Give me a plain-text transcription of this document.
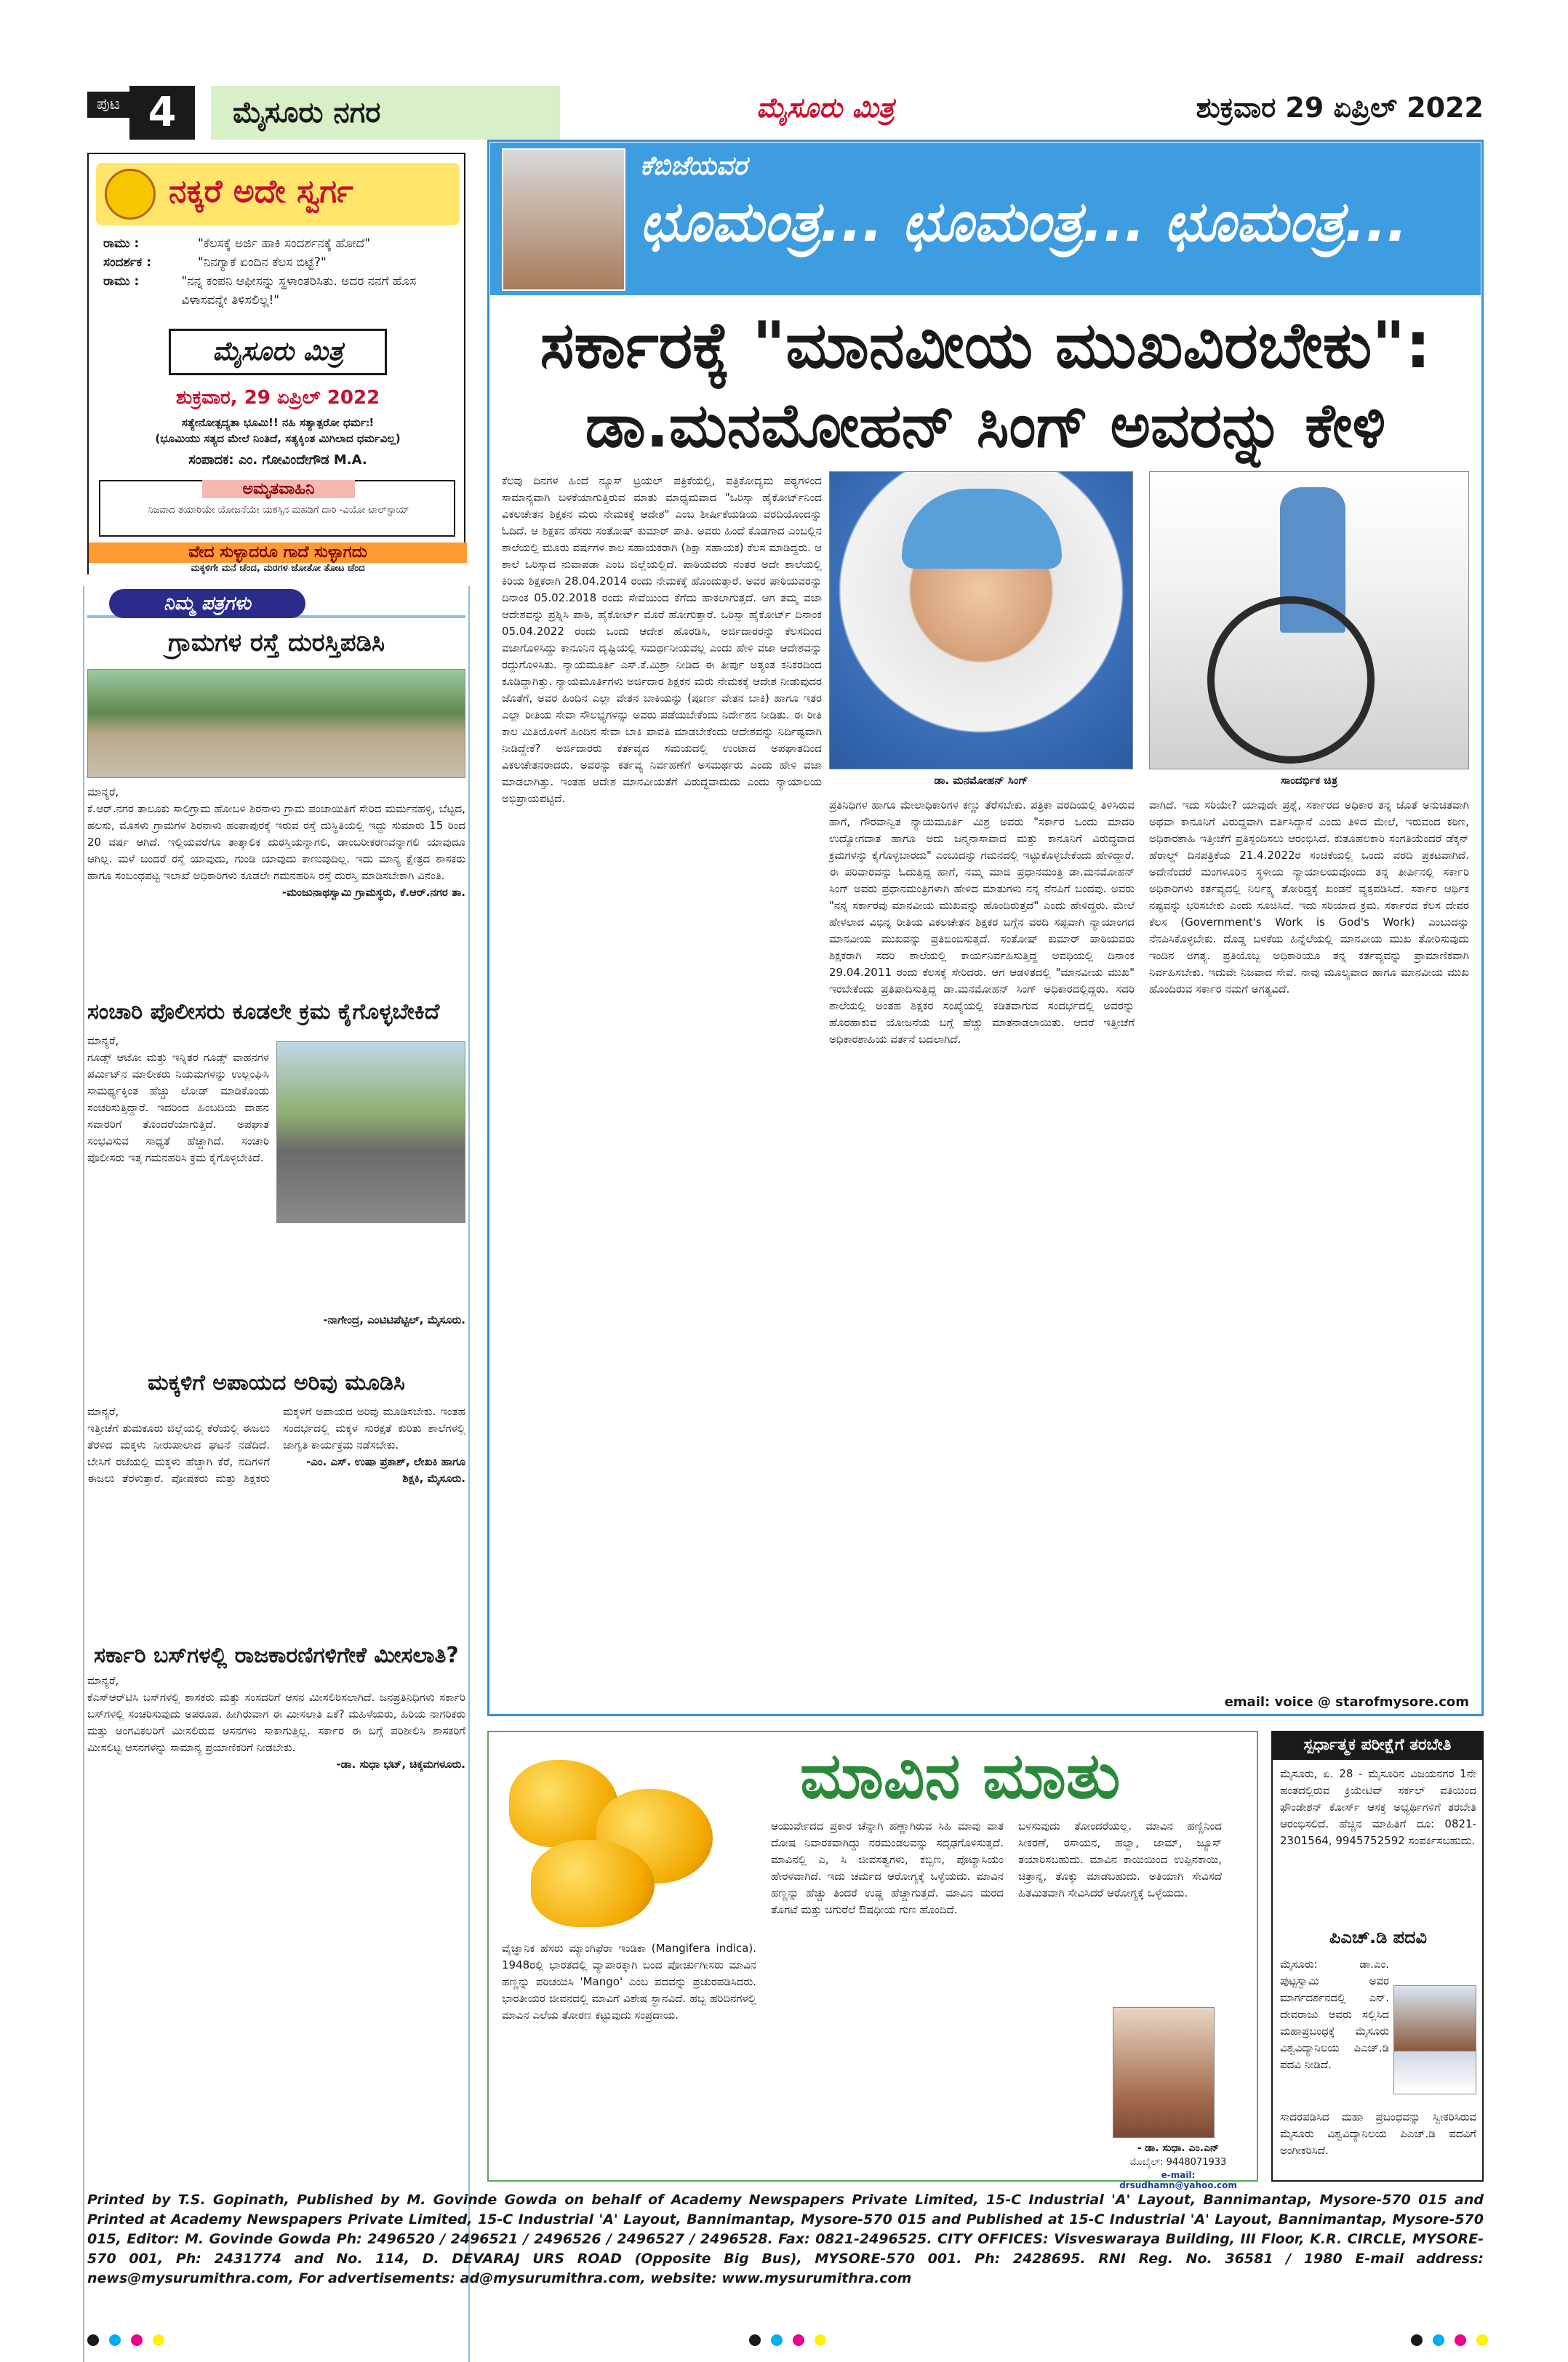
ಪುಟ 4	ಮೈಸೂರು ನಗರ	ಮೈಸೂರು ಮಿತ್ರ	ಶುಕ್ರವಾರ 29 ಏಪ್ರಿಲ್ 2022
ನಕ್ಕರೆ ಅದೇ ಸ್ವರ್ಗ
ರಾಮು :	"ಕೆಲಸಕ್ಕೆ ಅರ್ಜಿ ಹಾಕಿ ಸಂದರ್ಶನಕ್ಕೆ ಹೋದೆ"
ಸಂದರ್ಶಕ :	"ನಿನಗ್ಯಾಕೆ ಏಂದಿನ ಕೆಲಸ ಬಿಟ್ಟೆ?"
ರಾಮು :	"ನನ್ನ ಕಂಪನಿ ಆಫೀಸನ್ನು ಸ್ಥಳಾಂತರಿಸಿತು. ಅದರ ನನಗೆ ಹೊಸ ವಿಳಾಸವನ್ನೇ ತಿಳಿಸಲಿಲ್ಲ!"
ಮೈಸೂರು ಮಿತ್ರ
ಶುಕ್ರವಾರ, 29 ಏಪ್ರಿಲ್ 2022
ಸತ್ಯೇನೋತ್ಪದ್ಯತಾ ಭೂಮಿ!! ನಹಿ ಸತ್ಯಾತ್ಪರೋ ಧರ್ಮಃ!
(ಭೂಮಿಯು ಸತ್ಯದ ಮೇಲೆ ನಿಂತಿದೆ, ಸತ್ಯಕ್ಕಿಂತ ಮಿಗಿಲಾದ ಧರ್ಮವಿಲ್ಲ)
ಸಂಪಾದಕ: ಎಂ. ಗೋವಿಂದೇಗೌಡ M.A.
ಅಮೃತವಾಹಿನಿ
ನಿಜವಾದ ತಯಾರಿಯೇ ಯೋಜನೆಯೇ ಯಶಸ್ಸಿನ ಮಹಡಿಗೆ ದಾರಿ -ವಿಯೋ ಟಾಲ್‌ಸ್ಟಾಯ್
ವೇದ ಸುಳ್ಳಾದರೂ ಗಾದೆ ಸುಳ್ಳಾಗದು
ಮಕ್ಕಳಿಗೇ ಮನೆ ಚೆಂದ, ಮರಗಳ ಜೋತೋ ತೋಟ ಚೆಂದ
ನಿಮ್ಮ ಪತ್ರಗಳು
ಗ್ರಾಮಗಳ ರಸ್ತೆ ದುರಸ್ತಿಪಡಿಸಿ
ಮಾನ್ಯರೆ,
ಕೆ.ಆರ್.ನಗರ ತಾಲೂಕು ಸಾಲಿಗ್ರಾಮ ಹೋಬಳಿ ಶಿರನಾಳು ಗ್ರಾಮ ಪಂಚಾಯಿತಿಗೆ ಸೇರಿದ ಮರ್ಮನಹಳ್ಳಿ, ಬೆಟ್ಟದ, ಹಲಸು, ಮೊಸಳು ಗ್ರಾಮಗಳ ಶಿರನಾಳು ಹಂಪಾಪುರಕ್ಕೆ ಇರುವ ರಸ್ತೆ ದುಸ್ಥಿತಿಯಲ್ಲಿ ಇದ್ದು ಸುಮಾರು 15 ರಿಂದ 20 ವರ್ಷ ಆಗಿದೆ. ಇಲ್ಲಿಯವರೆಗೂ ತಾತ್ಕಾಲಿಕ ದುರಸ್ತಿಯನ್ನಾಗಲಿ, ಡಾಂಬರೀಕರಣವನ್ನಾಗಲಿ ಯಾವುದೂ ಆಗಿಲ್ಲ. ಮಳೆ ಬಂದರೆ ರಸ್ತೆ ಯಾವುದು, ಗುಂಡಿ ಯಾವುದು ಕಾಣುವುದಿಲ್ಲ. ಇದು ಮಾನ್ಯ ಕ್ಷೇತ್ರದ ಶಾಸಕರು ಹಾಗೂ ಸಂಬಂಧಪಟ್ಟ ಇಲಾಖೆ ಅಧಿಕಾರಿಗಳು ಕೂಡಲೇ ಗಮನಹರಿಸಿ ರಸ್ತೆ ದುರಸ್ತಿ ಮಾಡಿಸಬೇಕಾಗಿ ವಿನಂತಿ.
-ಮಂಜುನಾಥಸ್ವಾಮಿ ಗ್ರಾಮಸ್ಥರು, ಕೆ.ಆರ್.ನಗರ ತಾ.
ಸಂಚಾರಿ ಪೊಲೀಸರು ಕೂಡಲೇ ಕ್ರಮ ಕೈಗೊಳ್ಳಬೇಕಿದೆ
ಮಾನ್ಯರೆ,
ಗೂಡ್ಸ್ ಆಟೋ ಮತ್ತು ಇನ್ನಿತರ ಗೂಡ್ಸ್ ವಾಹನಗಳ ಪರ್ಮಿಟ್‌ನ ಮಾಲೀಕರು ನಿಯಮಗಳನ್ನು ಉಲ್ಲಂಘಿಸಿ ಸಾಮರ್ಥ್ಯಕ್ಕಿಂತ ಹೆಚ್ಚು ಲೋಡ್ ಮಾಡಿಕೊಂಡು ಸಂಚರಿಸುತ್ತಿದ್ದಾರೆ. ಇದರಿಂದ ಹಿಂಬದಿಯ ವಾಹನ ಸವಾರರಿಗೆ ತೊಂದರೆಯಾಗುತ್ತಿದೆ. ಅಪಘಾತ ಸಂಭವಿಸುವ ಸಾಧ್ಯತೆ ಹೆಚ್ಚಾಗಿದೆ. ಸಂಚಾರಿ ಪೊಲೀಸರು ಇತ್ತ ಗಮನಹರಿಸಿ ಕ್ರಮ ಕೈಗೊಳ್ಳಬೇಕಿದೆ.
-ನಾಗೇಂದ್ರ, ಎಂಟಿಟಿಪೆಟ್ಟಿಲ್, ಮೈಸೂರು.
ಮಕ್ಕಳಿಗೆ ಅಪಾಯದ ಅರಿವು ಮೂಡಿಸಿ
ಮಾನ್ಯರೆ,
ಇತ್ತೀಚೆಗೆ ತುಮಕೂರು ಜಿಲ್ಲೆಯಲ್ಲಿ ಕೆರೆಯಲ್ಲಿ ಈಜಲು ತೆರಳಿದ ಮಕ್ಕಳು ನೀರುಪಾಲಾದ ಘಟನೆ ನಡೆದಿದೆ. ಬೇಸಿಗೆ ರಜೆಯಲ್ಲಿ ಮಕ್ಕಳು ಹೆಚ್ಚಾಗಿ ಕೆರೆ, ನದಿಗಳಿಗೆ ಈಜಲು ತೆರಳುತ್ತಾರೆ. ಪೋಷಕರು ಮತ್ತು ಶಿಕ್ಷಕರು ಮಕ್ಕಳಿಗೆ ಅಪಾಯದ ಅರಿವು ಮೂಡಿಸಬೇಕು. ಇಂತಹ ಸಂದರ್ಭದಲ್ಲಿ ಮಕ್ಕಳ ಸುರಕ್ಷತೆ ಕುರಿತು ಶಾಲೆಗಳಲ್ಲಿ ಜಾಗೃತಿ ಕಾರ್ಯಕ್ರಮ ನಡೆಸಬೇಕು.
-ಎಂ. ಎಸ್. ಉಷಾ ಪ್ರಕಾಶ್, ಲೇಖಕಿ ಹಾಗೂ ಶಿಕ್ಷಕಿ, ಮೈಸೂರು.
ಸರ್ಕಾರಿ ಬಸ್‌ಗಳಲ್ಲಿ ರಾಜಕಾರಣಿಗಳಿಗೇಕೆ ಮೀಸಲಾತಿ?
ಮಾನ್ಯರೆ,
ಕೆಎಸ್‌ಆರ್‌ಟಿಸಿ ಬಸ್‌ಗಳಲ್ಲಿ ಶಾಸಕರು ಮತ್ತು ಸಂಸದರಿಗೆ ಆಸನ ಮೀಸಲಿರಿಸಲಾಗಿದೆ. ಜನಪ್ರತಿನಿಧಿಗಳು ಸರ್ಕಾರಿ ಬಸ್‌ಗಳಲ್ಲಿ ಸಂಚರಿಸುವುದು ಅಪರೂಪ. ಹೀಗಿರುವಾಗ ಈ ಮೀಸಲಾತಿ ಏಕೆ? ಮಹಿಳೆಯರು, ಹಿರಿಯ ನಾಗರಿಕರು ಮತ್ತು ಅಂಗವಿಕಲರಿಗೆ ಮೀಸಲಿರುವ ಆಸನಗಳು ಸಾಕಾಗುತ್ತಿಲ್ಲ. ಸರ್ಕಾರ ಈ ಬಗ್ಗೆ ಪರಿಶೀಲಿಸಿ ಶಾಸಕರಿಗೆ ಮೀಸಲಿಟ್ಟ ಆಸನಗಳನ್ನು ಸಾಮಾನ್ಯ ಪ್ರಯಾಣಿಕರಿಗೆ ನೀಡಬೇಕು.
-ಡಾ. ಸುಧಾ ಭಟ್, ಚಿಕ್ಕಮಗಳೂರು.
ಕೆಬಿಜೆಯವರ
ಛೂಮಂತ್ರ... ಛೂಮಂತ್ರ... ಛೂಮಂತ್ರ...
ಸರ್ಕಾರಕ್ಕೆ "ಮಾನವೀಯ ಮುಖವಿರಬೇಕು":
ಡಾ.ಮನಮೋಹನ್ ಸಿಂಗ್ ಅವರನ್ನು ಕೇಳಿ
ಕೆಲವು ದಿನಗಳ ಹಿಂದೆ ನ್ಯೂಸ್ ಟ್ರಯಲ್ ಪತ್ರಿಕೆಯಲ್ಲಿ, ಪತ್ರಿಕೋದ್ಯಮ ಪಠ್ಯಗಳಿಂದ ಸಾಮಾನ್ಯವಾಗಿ ಬಳಕೆಯಾಗುತ್ತಿರುವ ಮಾತು ಮಾಧ್ಯಮವಾದ "ಒರಿಸ್ಸಾ ಹೈಕೋರ್ಟ್‌ನಿಂದ ವಿಕಲಚೇತನ ಶಿಕ್ಷಕನ ಮರು ನೇಮಕಕ್ಕೆ ಆದೇಶ" ಎಂಬ ಶೀರ್ಷಿಕೆಯಡಿಯ ವರದಿಯೊಂದನ್ನು ಓದಿದೆ. ಆ ಶಿಕ್ಷಕನ ಹೆಸರು ಸಂತೋಷ್ ಕುಮಾರ್ ಪಾತಿ. ಅವರು ಹಿಂದೆ ಕೊಡಗಾದ ಎಂಬಲ್ಲಿನ ಶಾಲೆಯಲ್ಲಿ ಮೂರು ವರ್ಷಗಳ ಕಾಲ ಸಹಾಯಕರಾಗಿ (ಶಿಕ್ಷಾ ಸಹಾಯಕ) ಕೆಲಸ ಮಾಡಿದ್ದರು. ಆ ಶಾಲೆ ಒರಿಸ್ಸಾದ ನುವಾಪಡಾ ಎಂಬ ಜಿಲ್ಲೆಯಲ್ಲಿದೆ. ಪಾಠಿಯವರು ನಂತರ ಅದೇ ಶಾಲೆಯಲ್ಲಿ ಕಿರಿಯ ಶಿಕ್ಷಕರಾಗಿ 28.04.2014 ರಂದು ನೇಮಕಕ್ಕೆ ಹೊಂದುತ್ತಾರೆ. ಅವರ ಪಾಠಿಯವರನ್ನು ದಿನಾಂಕ 05.02.2018 ರಂದು ಸೇವೆಯಿಂದ ಕೆಗೆದು ಹಾಕಲಾಗುತ್ತದೆ. ಆಗ ತಮ್ಮ ವಜಾ ಆದೇಶವನ್ನು ಪ್ರಶ್ನಿಸಿ ಪಾಠಿ, ಹೈಕೋರ್ಟ್ ಮೊರೆ ಹೋಗುತ್ತಾರೆ. ಒರಿಸ್ಸಾ ಹೈಕೋರ್ಟ್ ದಿನಾಂಕ 05.04.2022 ರಂದು ಒಂದು ಆದೇಶ ಹೊರಡಿಸಿ, ಅರ್ಜಿದಾರರನ್ನು ಕೆಲಸದಿಂದ ವಜಾಗೊಳಿಸಿದ್ದು ಕಾನೂನಿನ ದೃಷ್ಟಿಯಲ್ಲಿ ಸಮರ್ಥನೀಯವಲ್ಲ ಎಂದು ಹೇಳಿ ವಜಾ ಆದೇಶವನ್ನು ರದ್ದುಗೊಳಿಸಿತು. ನ್ಯಾಯಮೂರ್ತಿ ಎಸ್.ಕೆ.ಮಿಶ್ರಾ ನೀಡಿದ ಈ ತೀರ್ಪು ಅತ್ಯಂತ ಕನಿಕರದಿಂದ ಕೂಡಿದ್ದಾಗಿತ್ತು. ನ್ಯಾಯಮೂರ್ತಿಗಳು ಅರ್ಜಿದಾರ ಶಿಕ್ಷಕನ ಮರು ನೇಮಕಕ್ಕೆ ಆದೇಶ ನೀಡುವುದರ ಜೊತೆಗೆ, ಅವರ ಹಿಂದಿನ ಎಲ್ಲಾ ವೇತನ ಬಾಕಿಯನ್ನು (ಪೂರ್ಣ ವೇತನ ಬಾಕಿ) ಹಾಗೂ ಇತರ ಎಲ್ಲಾ ರೀತಿಯ ಸೇವಾ ಸೌಲಭ್ಯಗಳನ್ನು ಅವರು ಪಡೆಯಬೇಕೆಂದು ನಿರ್ದೇಶನ ನೀಡಿತು. ಈ ರೀತಿ ಕಾಲ ಮಿತಿಯೊಳಗೆ ಹಿಂದಿನ ಸೇವಾ ಬಾಕಿ ಪಾವತಿ ಮಾಡಬೇಕೆಂದು ಆದೇಶವನ್ನು ನಿರ್ದಿಷ್ಟವಾಗಿ ನೀಡಿದ್ದೇಕೆ? ಅರ್ಜಿದಾರರು ಕರ್ತವ್ಯದ ಸಮಯದಲ್ಲಿ ಉಂಟಾದ ಅಪಘಾತದಿಂದ ವಿಕಲಚೇತನರಾದರು. ಅವರನ್ನು ಕರ್ತವ್ಯ ನಿರ್ವಹಣೆಗೆ ಅಸಮರ್ಥರು ಎಂದು ಹೇಳಿ ವಜಾ ಮಾಡಲಾಗಿತ್ತು. ಇಂತಹ ಆದೇಶ ಮಾನವೀಯತೆಗೆ ವಿರುದ್ಧವಾದುದು ಎಂದು ನ್ಯಾಯಾಲಯ ಅಭಿಪ್ರಾಯಪಟ್ಟಿದೆ.
ಡಾ. ಮನಮೋಹನ್ ಸಿಂಗ್	ಸಾಂದರ್ಭಿಕ ಚಿತ್ರ
ಪ್ರತಿನಿಧಿಗಳ ಹಾಗೂ ಮೇಲಾಧಿಕಾರಿಗಳ ಕಣ್ಣು ತೆರೆಸಬೇಕು. ಪತ್ರಿಕಾ ವರದಿಯಲ್ಲಿ ತಿಳಿಸಿರುವ ಹಾಗೆ, ಗೌರವಾನ್ವಿತ ನ್ಯಾಯಮೂರ್ತಿ ಮಿಶ್ರ ಅವರು "ಸರ್ಕಾರ ಒಂದು ಮಾದರಿ ಉದ್ಯೋಗದಾತ ಹಾಗೂ ಅದು ಜನ್ಮನಾಸಾವಾದ ಮತ್ತು ಕಾನೂನಿಗೆ ವಿರುದ್ಧವಾದ ಕ್ರಮಗಳನ್ನು ಕೈಗೊಳ್ಳಬಾರದು" ಎಂಬುದನ್ನು ಗಮನದಲ್ಲಿ ಇಟ್ಟುಕೊಳ್ಳಬೇಕೆಂದು ಹೇಳಿದ್ದಾರೆ. ಈ ಪರಿವಾರವನ್ನು ಓದುತ್ತಿದ್ದ ಹಾಗೆ, ನಮ್ಮ ಮಾಜಿ ಪ್ರಧಾನಮಂತ್ರಿ ಡಾ.ಮನಮೋಹನ್ ಸಿಂಗ್ ಅವರು ಪ್ರಧಾನಮಂತ್ರಿಗಳಾಗಿ ಹೇಳಿದ ಮಾತುಗಳು ನನ್ನ ನೆನಪಿಗೆ ಬಂದವು. ಅವರು "ನನ್ನ ಸರ್ಕಾರವು ಮಾನವೀಯ ಮುಖವನ್ನು ಹೊಂದಿರುತ್ತದೆ" ಎಂದು ಹೇಳಿದ್ದರು. ಮೇಲೆ ಹೇಳಲಾದ ವಿಭಿನ್ನ ರೀತಿಯ ವಿಕಲಚೇತನ ಶಿಕ್ಷಕರ ಬಗ್ಗೆನ ವರದಿ ಸಪ್ಪವಾಗಿ ನ್ಯಾಯಾಂಗದ ಮಾನವೀಯ ಮುಖವನ್ನು ಪ್ರತಿಬಿಂಬಿಸುತ್ತದೆ. ಸಂತೋಷ್ ಕುಮಾರ್ ಪಾಠಿಯವರು ಶಿಕ್ಷಕರಾಗಿ ಸದರಿ ಶಾಲೆಯಲ್ಲಿ ಕಾರ್ಯನಿರ್ವಹಿಸುತ್ತಿದ್ದ ಅವಧಿಯಲ್ಲಿ ದಿನಾಂಕ 29.04.2011 ರಂದು ಕೆಲಸಕ್ಕೆ ಸೇರಿದರು. ಆಗ ಆಡಳಿತದಲ್ಲಿ "ಮಾನವೀಯ ಮುಖ" ಇರಬೇಕೆಂದು ಪ್ರತಿಪಾದಿಸುತ್ತಿದ್ದ ಡಾ.ಮನಮೋಹನ್ ಸಿಂಗ್ ಅಧಿಕಾರದಲ್ಲಿದ್ದರು. ಸದರಿ ಶಾಲೆಯಲ್ಲಿ ಅಂತಹ ಶಿಕ್ಷಕರ ಸಂಖ್ಯೆಯಲ್ಲಿ ಕಡಿತವಾಗುವ ಸಂದರ್ಭದಲ್ಲಿ ಅವರನ್ನು ಹೊರಹಾಕುವ ಯೋಜನೆಯ ಬಗ್ಗೆ ಹೆಚ್ಚು ಮಾತನಾಡಲಾಯಿತು. ಆದರೆ ಇತ್ತೀಚೆಗೆ ಅಧಿಕಾರಶಾಹಿಯ ವರ್ತನೆ ಬದಲಾಗಿದೆ.
ವಾಗಿದೆ. ಇದು ಸರಿಯೇ? ಯಾವುದೇ ಪ್ರಶ್ನೆ, ಸರ್ಕಾರದ ಅಧಿಕಾರ ತನ್ನ ಜೊತೆ ಅನುಚಿತವಾಗಿ ಅಥವಾ ಕಾನೂನಿಗೆ ವಿರುದ್ಧವಾಗಿ ವರ್ತಿಸಿದ್ದಾನೆ ಎಂದು ತಿಳಿದ ಮೇಲೆ, ಇರುವಂದ ಕಠಿಣ, ಅಧಿಕಾರಶಾಹಿ ಇತ್ತೀಚೆಗೆ ಪ್ರತಿಸ್ಪಂದಿಸಲು ಆರಂಭಿಸಿದೆ. ಕುತೂಹಲಕಾರಿ ಸಂಗತಿಯೆಂದರೆ ಡೆಕ್ಕನ್ ಹೆರಾಲ್ಡ್ ದಿನಪತ್ರಿಕೆಯ 21.4.2022ರ ಸಂಚಿಕೆಯಲ್ಲಿ ಒಂದು ವರದಿ ಪ್ರಕಟವಾಗಿದೆ. ಅದೇನೆಂದರೆ ಮಂಗಳೂರಿನ ಸ್ಥಳೀಯ ನ್ಯಾಯಾಲಯವೊಂದು ತನ್ನ ತೀರ್ಪಿನಲ್ಲಿ ಸರ್ಕಾರಿ ಅಧಿಕಾರಿಗಳು ಕರ್ತವ್ಯದಲ್ಲಿ ನಿರ್ಲಕ್ಷ್ಯ ತೋರಿದ್ದಕ್ಕೆ ಖಂಡನೆ ವ್ಯಕ್ತಪಡಿಸಿದೆ. ಸರ್ಕಾರ ಆರ್ಥಿಕ ನಷ್ಟವನ್ನು ಭರಿಸಬೇಕು ಎಂದು ಸೂಚಿಸಿದೆ. ಇದು ಸರಿಯಾದ ಕ್ರಮ. ಸರ್ಕಾರದ ಕೆಲಸ ದೇವರ ಕೆಲಸ (Government's Work is God's Work) ಎಂಬುದನ್ನು ನೆನಪಿಸಿಕೊಳ್ಳಬೇಕು. ದೊಡ್ಡ ಬಳಕೆಯ ಹಿನ್ನೆಲೆಯಲ್ಲಿ ಮಾನವೀಯ ಮುಖ ತೋರಿಸುವುದು ಇಂದಿನ ಅಗತ್ಯ. ಪ್ರತಿಯೊಬ್ಬ ಅಧಿಕಾರಿಯೂ ತನ್ನ ಕರ್ತವ್ಯವನ್ನು ಪ್ರಾಮಾಣಿಕವಾಗಿ ನಿರ್ವಹಿಸಬೇಕು. ಇದುವೇ ನಿಜವಾದ ಸೇವೆ. ನಾವು ಮೂಲ್ಯವಾದ ಹಾಗೂ ಮಾನವೀಯ ಮುಖ ಹೊಂದಿರುವ ಸರ್ಕಾರ ನಮಗೆ ಅಗತ್ಯವಿದೆ.
email: voice @ starofmysore.com
ಮಾವಿನ ಮಾತು
ವೈಜ್ಞಾನಿಕ ಹೆಸರು ಮ್ಯಾಂಗಿಫೆರಾ ಇಂಡಿಕಾ (Mangifera indica). 1948ರಲ್ಲಿ ಭಾರತದಲ್ಲಿ ವ್ಯಾಪಾರಕ್ಕಾಗಿ ಬಂದ ಪೋರ್ಚುಗೀಸರು ಮಾವಿನ ಹಣ್ಣನ್ನು ಪರಿಚಯಿಸಿ 'Mango' ಎಂಬ ಪದವನ್ನು ಪ್ರಚುರಪಡಿಸಿದರು. ಭಾರತೀಯರ ಜೀವನದಲ್ಲಿ ಮಾವಿಗೆ ವಿಶೇಷ ಸ್ಥಾನವಿದೆ. ಹಬ್ಬ ಹರಿದಿನಗಳಲ್ಲಿ ಮಾವಿನ ಎಲೆಯ ತೋರಣ ಕಟ್ಟುವುದು ಸಂಪ್ರದಾಯ.
ಆಯುರ್ವೇದದ ಪ್ರಕಾರ ಚೆನ್ನಾಗಿ ಹಣ್ಣಾಗಿರುವ ಸಿಹಿ ಮಾವು ವಾತ ದೋಷ ನಿವಾರಕವಾಗಿದ್ದು ನರಮಂಡಲವನ್ನು ಸದೃಢಗೊಳಿಸುತ್ತದೆ. ಮಾವಿನಲ್ಲಿ ಎ, ಸಿ ಜೀವಸತ್ವಗಳು, ಕಬ್ಬಿಣ, ಪೊಟ್ಯಾಸಿಯಂ ಹೇರಳವಾಗಿದೆ. ಇದು ಚರ್ಮದ ಆರೋಗ್ಯಕ್ಕೆ ಒಳ್ಳೆಯದು. ಮಾವಿನ ಹಣ್ಣನ್ನು ಹೆಚ್ಚು ತಿಂದರೆ ಉಷ್ಣ ಹೆಚ್ಚಾಗುತ್ತದೆ. ಮಾವಿನ ಮರದ ತೊಗಟೆ ಮತ್ತು ಚಿಗುರೆಲೆ ಔಷಧೀಯ ಗುಣ ಹೊಂದಿದೆ.
ಬಳಸುವುದು ತೋಂದರೆಯಲ್ಲ. ಮಾವಿನ ಹಣ್ಣಿನಿಂದ ಸೀಕರಣೆ, ರಸಾಯನ, ಹಲ್ವಾ, ಜಾಮ್, ಜ್ಯೂಸ್ ತಯಾರಿಸಬಹುದು. ಮಾವಿನ ಕಾಯಿಯಿಂದ ಉಪ್ಪಿನಕಾಯಿ, ಚಿತ್ರಾನ್ನ, ತೊಕ್ಕು ಮಾಡಬಹುದು. ಅತಿಯಾಗಿ ಸೇವಿಸದೆ ಹಿತಮಿತವಾಗಿ ಸೇವಿಸಿದರೆ ಆರೋಗ್ಯಕ್ಕೆ ಒಳ್ಳೆಯದು.
- ಡಾ. ಸುಧಾ. ಎಂ.ಎನ್
ಮೊಬೈಲ್: 9448071933
e-mail: drsudhamn@yahoo.com
ಸ್ಪರ್ಧಾತ್ಮಕ ಪರೀಕ್ಷೆಗೆ ತರಬೇತಿ
ಮೈಸೂರು, ಏ. 28 - ಮೈಸೂರಿನ ವಿಜಯನಗರ 1ನೇ ಹಂತದಲ್ಲಿರುವ ಕ್ರಿಯೇಟಿವ್ ಸರ್ಕಲ್ ವತಿಯಿಂದ ಫೌಂಡೇಶನ್ ಕೋರ್ಸ್ ಆಸಕ್ತ ಅಭ್ಯರ್ಥಿಗಳಿಗೆ ತರಬೇತಿ ಆರಂಭಿಸಲಿದೆ. ಹೆಚ್ಚಿನ ಮಾಹಿತಿಗೆ ದೂ: 0821-2301564, 9945752592 ಸಂಪರ್ಕಿಸಬಹುದು.
ಪಿಎಚ್.ಡಿ ಪದವಿ
ಮೈಸೂರು: ಡಾ.ಎಂ. ಪುಟ್ಟಸ್ವಾಮಿ ಅವರ ಮಾರ್ಗದರ್ಶನದಲ್ಲಿ ಎನ್. ದೇವರಾಜು ಅವರು ಸಲ್ಲಿಸಿದ ಮಹಾಪ್ರಬಂಧಕ್ಕೆ ಮೈಸೂರು ವಿಶ್ವವಿದ್ಯಾನಿಲಯ ಪಿಎಚ್.ಡಿ ಪದವಿ ನೀಡಿದೆ.
ಸಾದರಪಡಿಸಿದ ಮಹಾ ಪ್ರಬಂಧವನ್ನು ಸ್ವೀಕರಿಸಿರುವ ಮೈಸೂರು ವಿಶ್ವವಿದ್ಯಾನಿಲಯ ಪಿಎಚ್.ಡಿ ಪದವಿಗೆ ಅಂಗೀಕರಿಸಿದೆ.
Printed by T.S. Gopinath, Published by M. Govinde Gowda on behalf of Academy Newspapers Private Limited, 15-C Industrial 'A' Layout, Bannimantap, Mysore-570 015 and Printed at Academy Newspapers Private Limited, 15-C Industrial 'A' Layout, Bannimantap, Mysore-570 015 and Published at 15-C Industrial 'A' Layout, Bannimantap, Mysore-570 015, Editor: M. Govinde Gowda Ph: 2496520 / 2496521 / 2496526 / 2496527 / 2496528. Fax: 0821-2496525. CITY OFFICES: Visveswaraya Building, III Floor, K.R. CIRCLE, MYSORE-570 001, Ph: 2431774 and No. 114, D. DEVARAJ URS ROAD (Opposite Big Bus), MYSORE-570 001. Ph: 2428695. RNI Reg. No. 36581 / 1980 E-mail address: news@mysurumithra.com, For advertisements: ad@mysurumithra.com, website: www.mysurumithra.com
